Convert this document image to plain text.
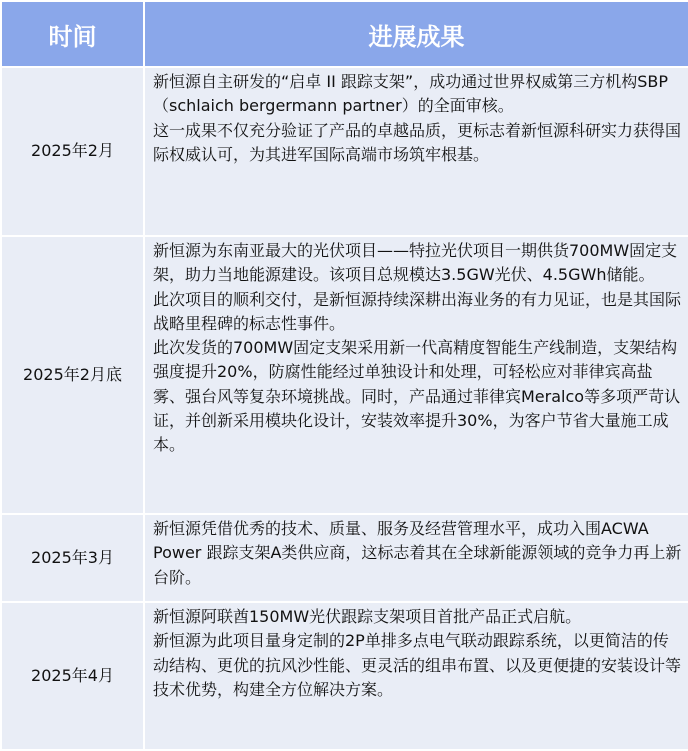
时间	进展成果
2025年2月	新恒源自主研发的“启卓 II 跟踪支架”，成功通过世界权威第三方机构SBP（schlaich bergermann partner）的全面审核。

这一成果不仅充分验证了产品的卓越品质，更标志着新恒源科研实力获得国际权威认可，为其进军国际高端市场筑牢根基。

2025年2月底	新恒源为东南亚最大的光伏项目——特拉光伏项目一期供货700MW固定支架，助力当地能源建设。该项目总规模达3.5GW光伏、4.5GWh储能。

此次项目的顺利交付，是新恒源持续深耕出海业务的有力见证，也是其国际战略里程碑的标志性事件。

此次发货的700MW固定支架采用新一代高精度智能生产线制造，支架结构强度提升20%，防腐性能经过单独设计和处理，可轻松应对菲律宾高盐雾、强台风等复杂环境挑战。同时，产品通过菲律宾Meralco等多项严苛认证，并创新采用模块化设计，安装效率提升30%，为客户节省大量施工成本。

2025年3月	新恒源凭借优秀的技术、质量、服务及经营管理水平，成功入围ACWA Power 跟踪支架A类供应商，这标志着其在全球新能源领域的竞争力再上新台阶。

2025年4月	新恒源阿联酋150MW光伏跟踪支架项目首批产品正式启航。

新恒源为此项目量身定制的2P单排多点电气联动跟踪系统，以更简洁的传动结构、更优的抗风沙性能、更灵活的组串布置、以及更便捷的安装设计等技术优势，构建全方位解决方案。
